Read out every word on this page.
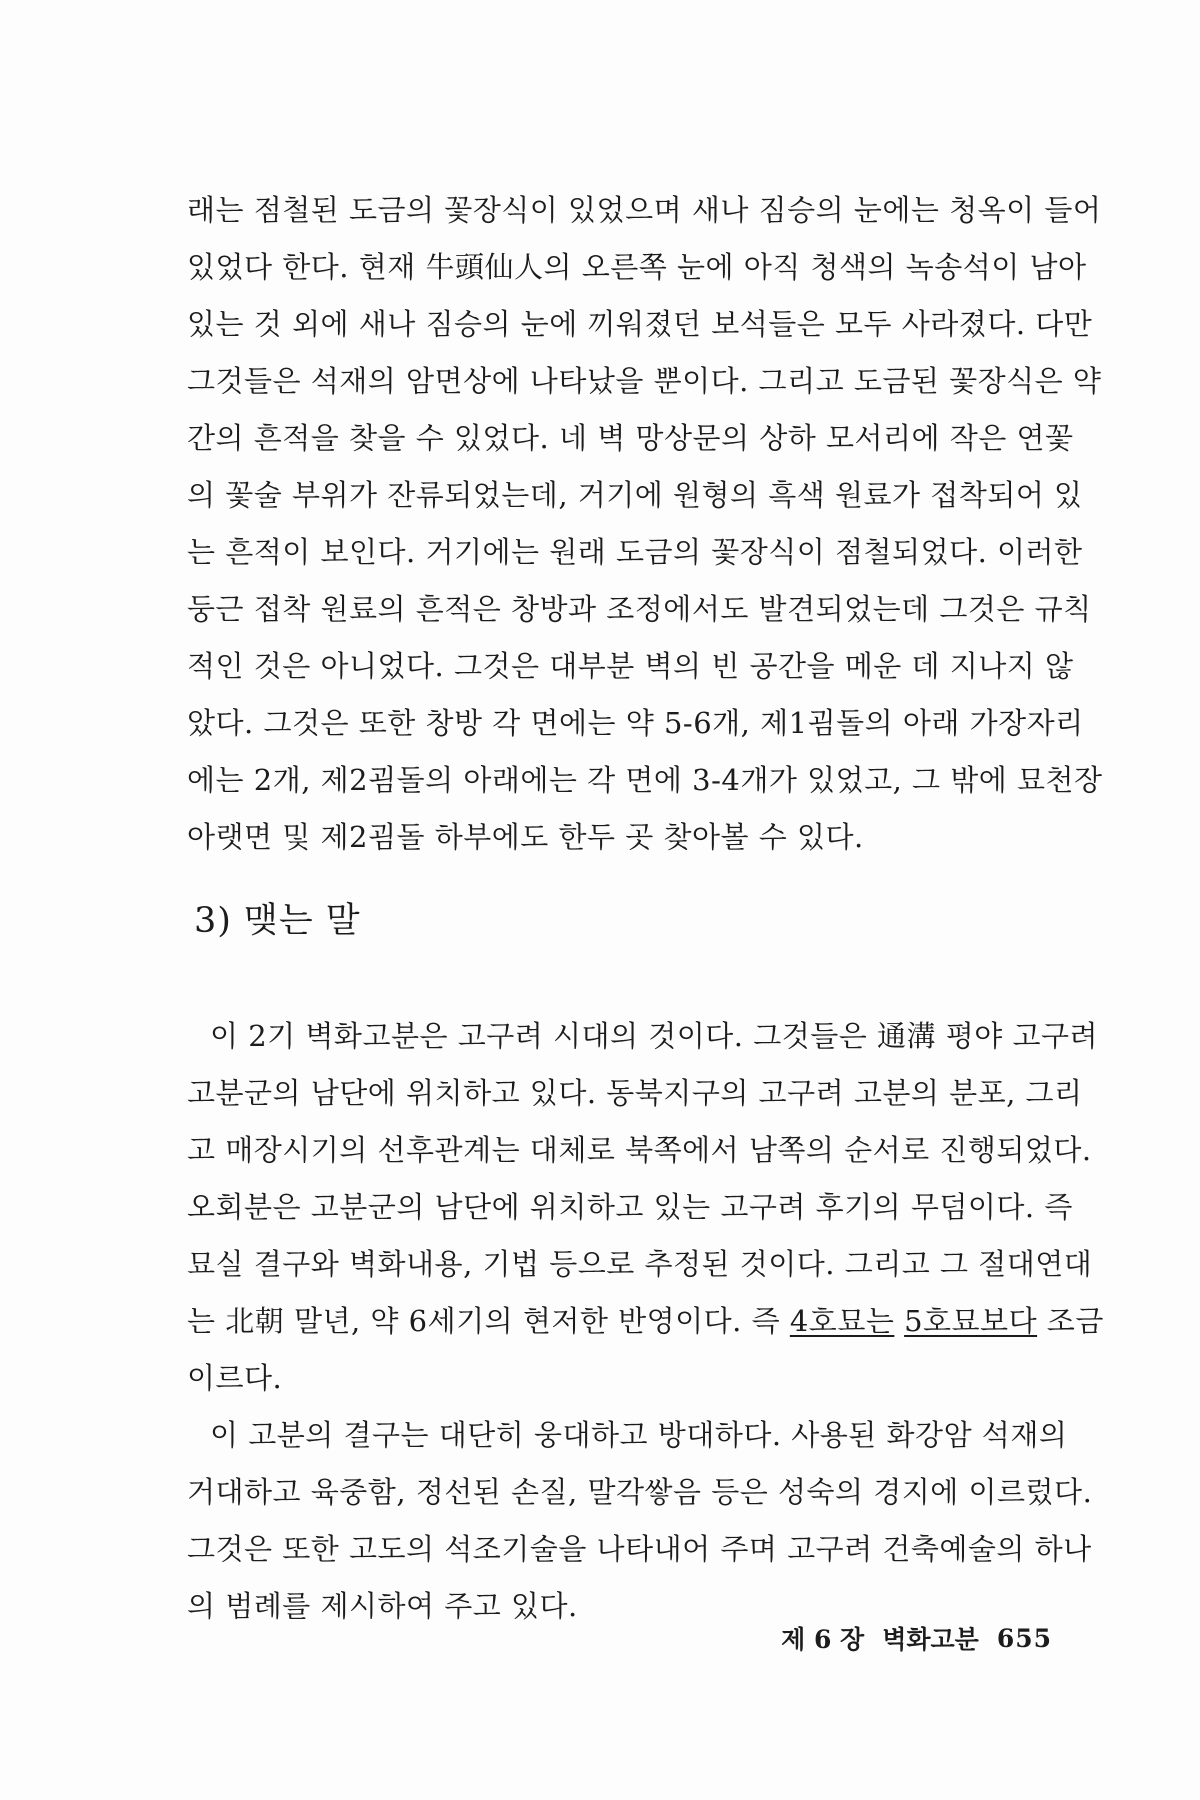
래는 점철된 도금의 꽃장식이 있었으며 새나 짐승의 눈에는 청옥이 들어
있었다 한다. 현재 牛頭仙人의 오른쪽 눈에 아직 청색의 녹송석이 남아
있는 것 외에 새나 짐승의 눈에 끼워졌던 보석들은 모두 사라졌다. 다만
그것들은 석재의 암면상에 나타났을 뿐이다. 그리고 도금된 꽃장식은 약
간의 흔적을 찾을 수 있었다. 네 벽 망상문의 상하 모서리에 작은 연꽃
의 꽃술 부위가 잔류되었는데, 거기에 원형의 흑색 원료가 접착되어 있
는 흔적이 보인다. 거기에는 원래 도금의 꽃장식이 점철되었다. 이러한
둥근 접착 원료의 흔적은 창방과 조정에서도 발견되었는데 그것은 규칙
적인 것은 아니었다. 그것은 대부분 벽의 빈 공간을 메운 데 지나지 않
았다. 그것은 또한 창방 각 면에는 약 5-6개, 제1굄돌의 아래 가장자리
에는 2개, 제2굄돌의 아래에는 각 면에 3-4개가 있었고, 그 밖에 묘천장
아랫면 및 제2굄돌 하부에도 한두 곳 찾아볼 수 있다.
3) 맺는 말
이 2기 벽화고분은 고구려 시대의 것이다. 그것들은 通溝 평야 고구려
고분군의 남단에 위치하고 있다. 동북지구의 고구려 고분의 분포, 그리
고 매장시기의 선후관계는 대체로 북쪽에서 남쪽의 순서로 진행되었다.
오회분은 고분군의 남단에 위치하고 있는 고구려 후기의 무덤이다. 즉
묘실 결구와 벽화내용, 기법 등으로 추정된 것이다. 그리고 그 절대연대
는 北朝 말년, 약 6세기의 현저한 반영이다. 즉 4호묘는 5호묘보다 조금
이르다.
이 고분의 결구는 대단히 웅대하고 방대하다. 사용된 화강암 석재의
거대하고 육중함, 정선된 손질, 말각쌓음 등은 성숙의 경지에 이르렀다.
그것은 또한 고도의 석조기술을 나타내어 주며 고구려 건축예술의 하나
의 범례를 제시하여 주고 있다.
제 6 장 벽화고분 655
